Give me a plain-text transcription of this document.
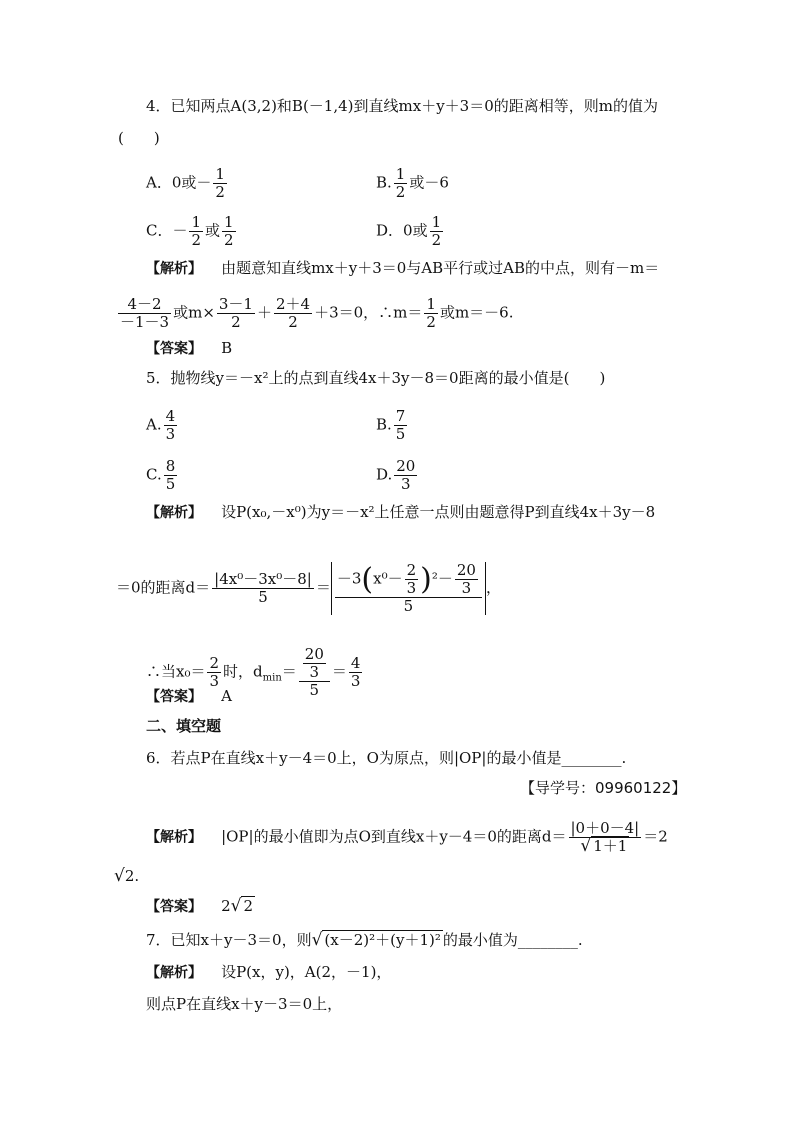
4．已知两点A(3,2)和B(－1,4)到直线mx＋y＋3＝0的距离相等，则m的值为
(　　)
A．0或－ $\frac{1}{2}$	B. $\frac{1}{2}$ 或－6
C．－ $\frac{1}{2}$ 或 $\frac{1}{2}$	D．0或 $\frac{1}{2}$
【解析】 由题意知直线mx＋y＋3＝0与AB平行或过AB的中点，则有－m＝
$\frac{4-2}{-1-3}$ 或$m\times \frac{3-1}{2} + \frac{2+4}{2} +3=0$，∴m＝ $\frac{1}{2}$ 或m＝－6.
【答案】 B
5．抛物线y＝－x²上的点到直线4x＋3y－8＝0距离的最小值是(　　)
A. $\frac{4}{3}$	B. $\frac{7}{5}$
C. $\frac{8}{5}$	D. $\frac{20}{3}$
【解析】 设P(x₀,－x⁰)为y＝－x²上任意一点则由题意得P到直线4x＋3y－8
＝0的距离$d= \frac{\text{|4x⁰－3x⁰－8|}}{5} = \frac{-3(x^0- \frac{2}{3} )^2- \frac{20}{3}}{5}$ ，
∴当$x_0= \frac{2}{3}$ 时，$d_{min}= \frac{\frac{20}{3}}{5} = \frac{4}{3}$
【答案】 A
二、填空题
6．若点P在直线x＋y－4＝0上，O为原点，则|OP|的最小值是________.
【导学号：09960122】
【解析】 |OP|的最小值即为点O到直线x＋y－4＝0的距离$d= \frac{|0+0-4|}{√ 1+1} =2$
√2.
【答案】 2√ 2
7．已知x＋y－3＝0，则√ (x－2)²＋(y＋1)² 的最小值为________.
【解析】 设P(x，y)，A(2，－1)，
则点P在直线x＋y－3＝0上，
